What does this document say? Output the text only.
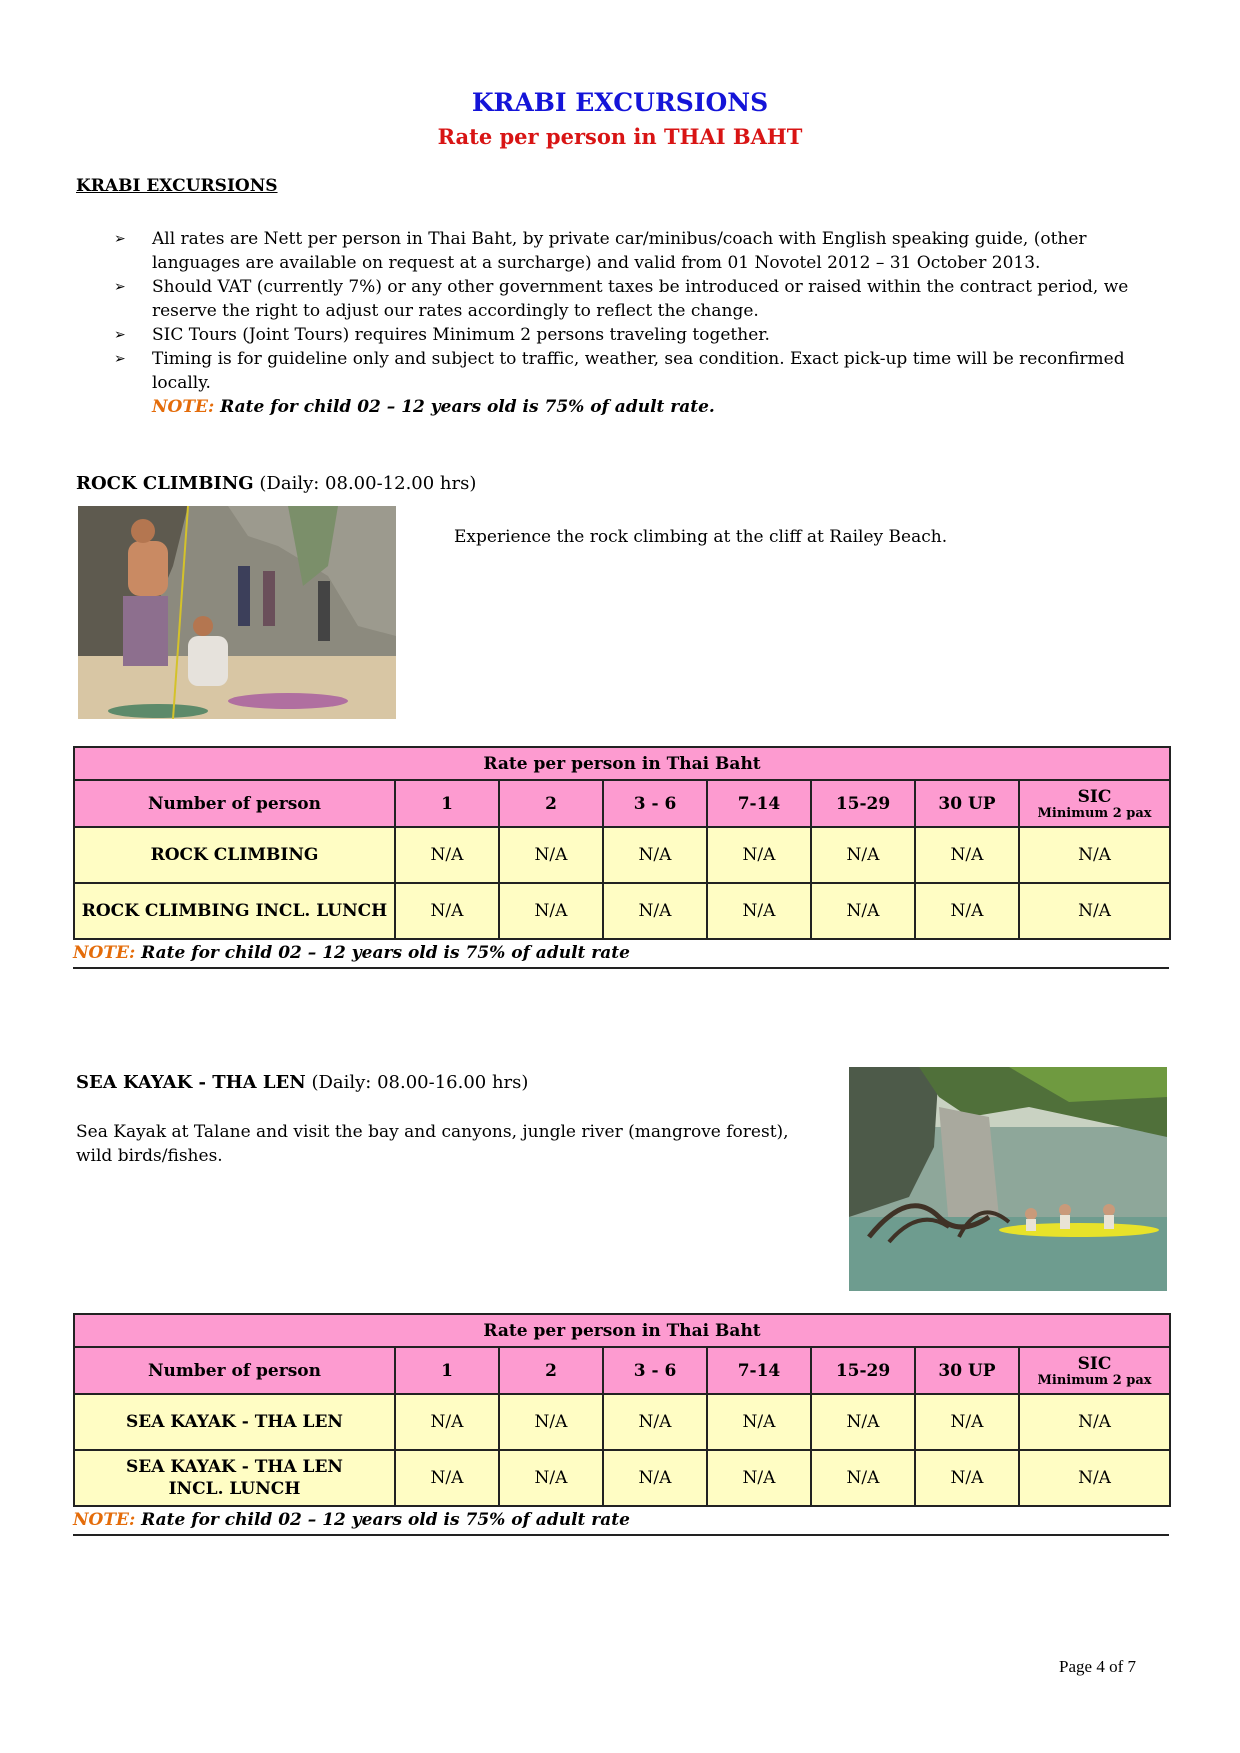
KRABI EXCURSIONS
Rate per person in THAI BAHT
KRABI EXCURSIONS
➢ All rates are Nett per person in Thai Baht, by private car/minibus/coach with English speaking guide, (other languages are available on request at a surcharge) and valid from 01 Novotel 2012 – 31 October 2013.
➢ Should VAT (currently 7%) or any other government taxes be introduced or raised within the contract period, we reserve the right to adjust our rates accordingly to reflect the change.
➢ SIC Tours (Joint Tours) requires Minimum 2 persons traveling together.
➢ Timing is for guideline only and subject to traffic, weather, sea condition. Exact pick-up time will be reconfirmed locally.

NOTE: Rate for child 02 – 12 years old is 75% of adult rate.

ROCK CLIMBING (Daily: 08.00-12.00 hrs)
Experience the rock climbing at the cliff at Railey Beach.
Rate per person in Thai Baht							
Number of person	1	2	3 - 6	7-14	15-29	30 UP	SIC
Minimum 2 pax

ROCK CLIMBING	N/A	N/A	N/A	N/A	N/A	N/A	N/A
ROCK CLIMBING INCL. LUNCH	N/A	N/A	N/A	N/A	N/A	N/A	N/A
NOTE: Rate for child 02 – 12 years old is 75% of adult rate
SEA KAYAK - THA LEN (Daily: 08.00-16.00 hrs)
Sea Kayak at Talane and visit the bay and canyons, jungle river (mangrove forest), wild birds/fishes.
Rate per person in Thai Baht							
Number of person	1	2	3 - 6	7-14	15-29	30 UP	SIC
Minimum 2 pax

SEA KAYAK - THA LEN	N/A	N/A	N/A	N/A	N/A	N/A	N/A

SEA KAYAK - THA LEN
INCL. LUNCH	N/A	N/A	N/A	N/A	N/A	N/A	N/A
NOTE: Rate for child 02 – 12 years old is 75% of adult rate
Page 4 of 7
